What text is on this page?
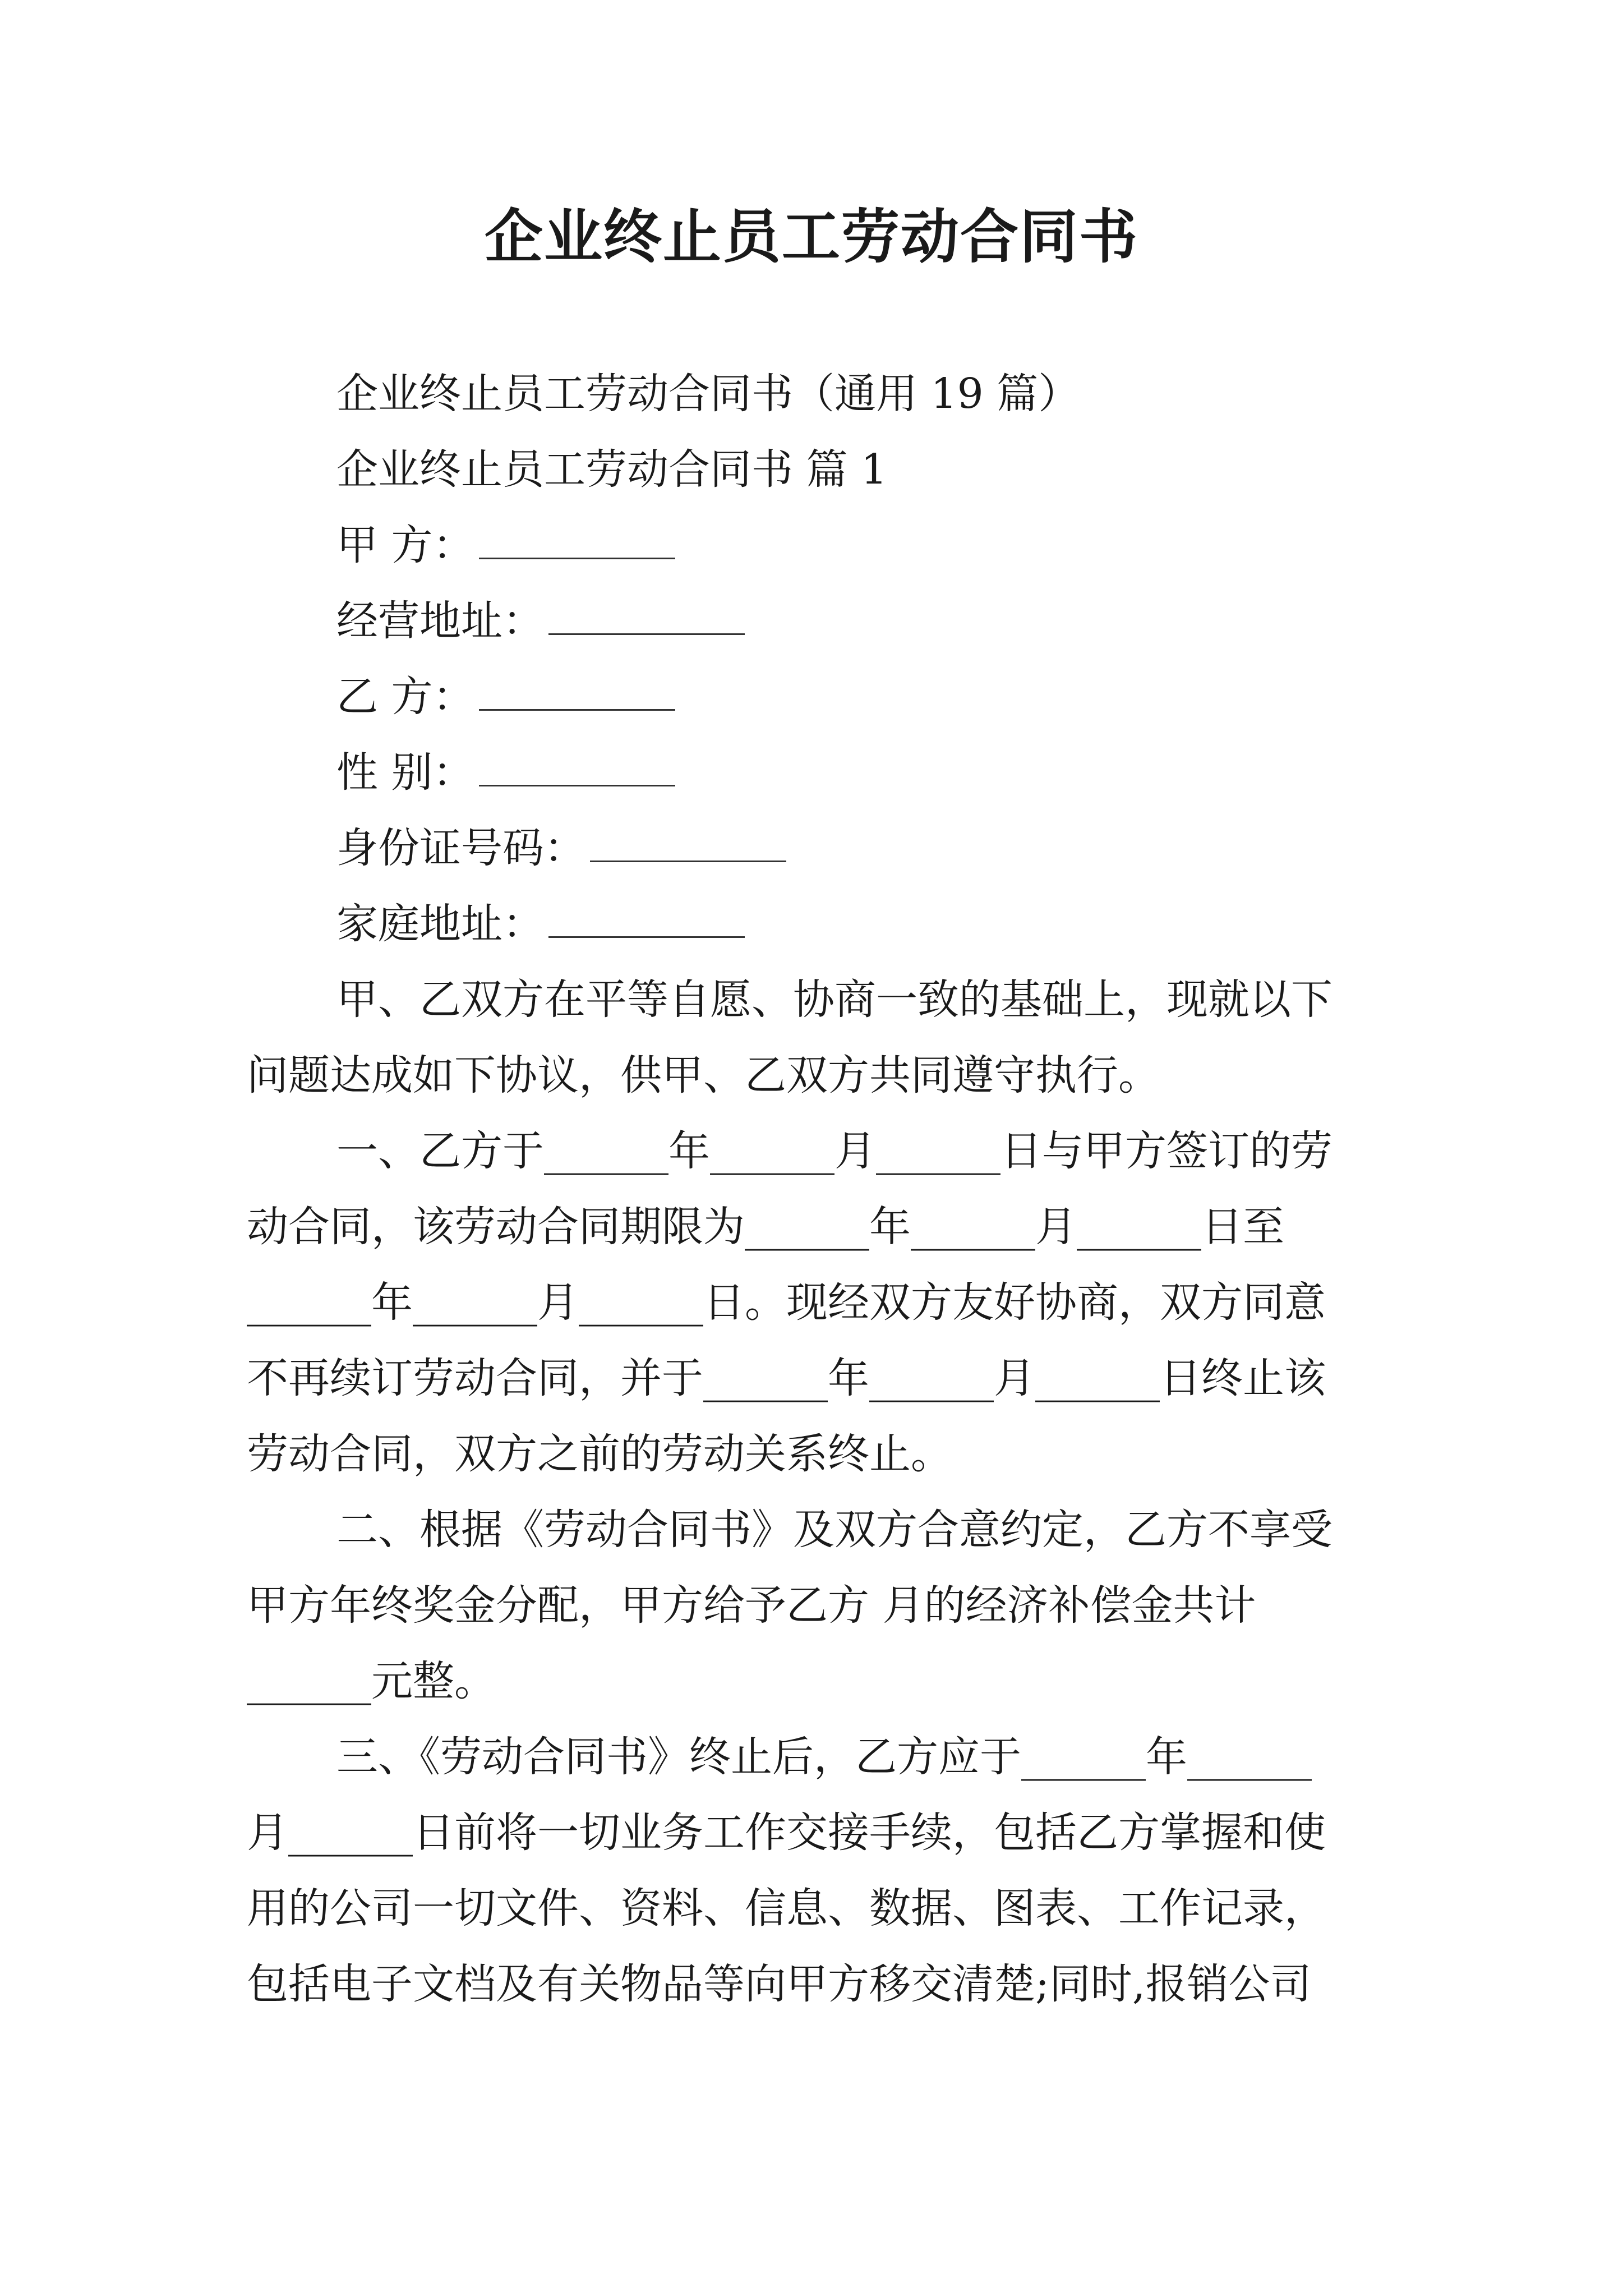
企业终止员工劳动合同书
企业终止员工劳动合同书（通用 19 篇）
企业终止员工劳动合同书 篇 1
甲 方：
经营地址：
乙 方：
性 别：
身份证号码：
家庭地址：
甲、乙双方在平等自愿、协商一致的基础上，现就以下
问题达成如下协议，供甲、乙双方共同遵守执行。
一、乙方于______年______月______日与甲方签订的劳
动合同，该劳动合同期限为______年______月______日至
______年______月______日。现经双方友好协商，双方同意
不再续订劳动合同，并于______年______月______日终止该
劳动合同，双方之前的劳动关系终止。
二、根据《劳动合同书》及双方合意约定，乙方不享受
甲方年终奖金分配，甲方给予乙方 月的经济补偿金共计
______元整。
三、《劳动合同书》终止后，乙方应于______年______
月______日前将一切业务工作交接手续，包括乙方掌握和使
用的公司一切文件、资料、信息、数据、图表、工作记录，
包括电子文档及有关物品等向甲方移交清楚;同时,报销公司
